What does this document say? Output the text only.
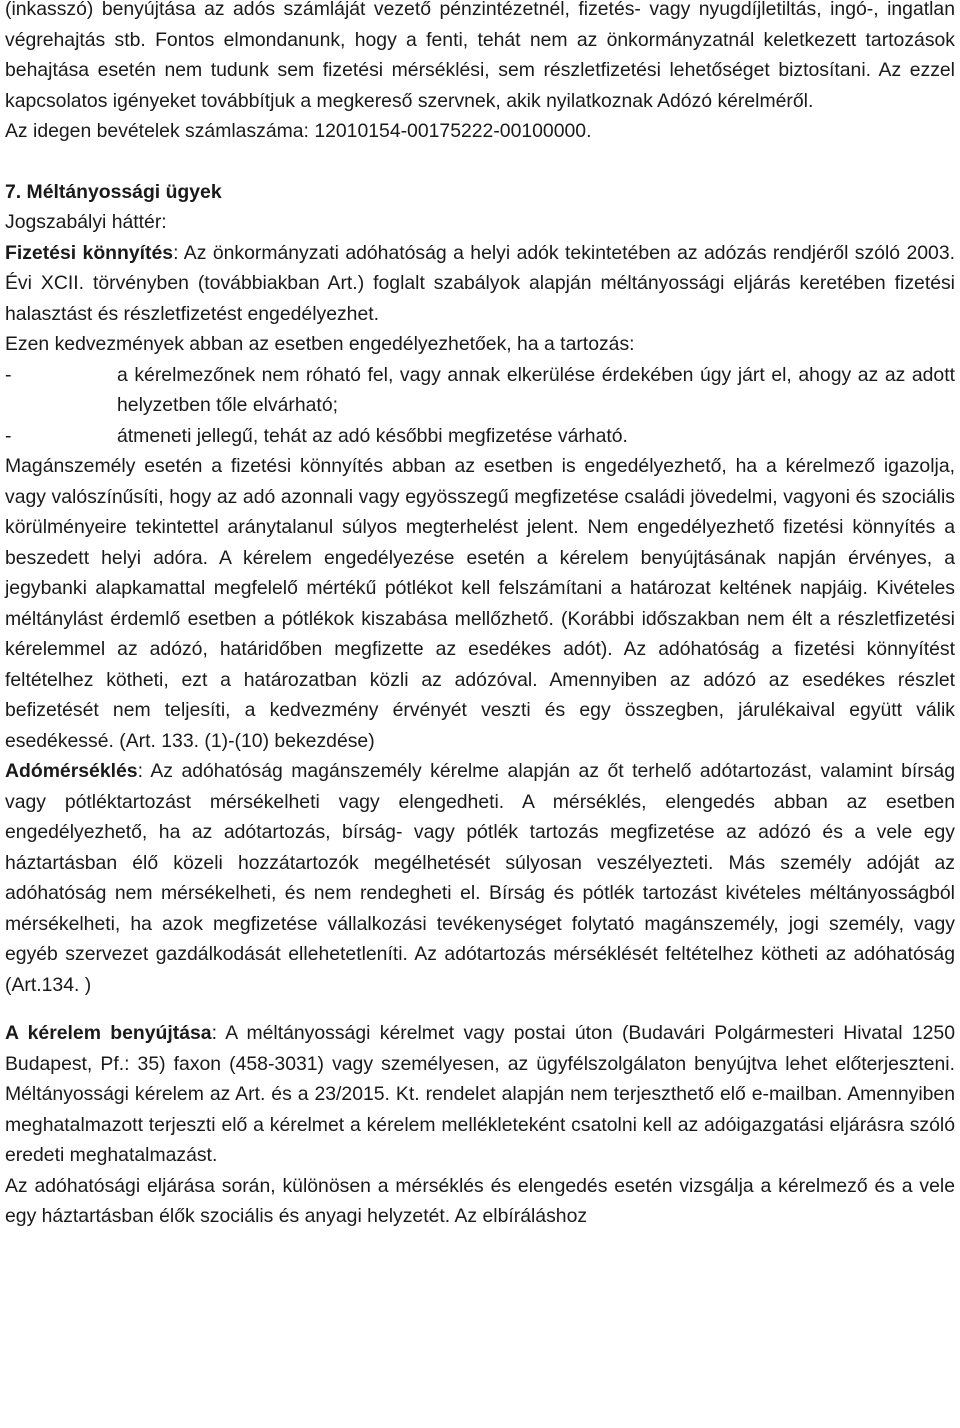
(inkasszó) benyújtása az adós számláját vezető pénzintézetnél, fizetés- vagy nyugdíjletiltás, ingó-, ingatlan végrehajtás stb. Fontos elmondanunk, hogy a fenti, tehát nem az önkormányzatnál keletkezett tartozások behajtása esetén nem tudunk sem fizetési mérséklési, sem részletfizetési lehetőséget biztosítani. Az ezzel kapcsolatos igényeket továbbítjuk a megkereső szervnek, akik nyilatkoznak Adózó kérelméről.

Az idegen bevételek számlaszáma: 12010154-00175222-00100000.

7. Méltányossági ügyek

Jogszabályi háttér:

Fizetési könnyítés: Az önkormányzati adóhatóság a helyi adók tekintetében az adózás rendjéről szóló 2003. Évi XCII. törvényben (továbbiakban Art.) foglalt szabályok alapján méltányossági eljárás keretében fizetési halasztást és részletfizetést engedélyezhet.

Ezen kedvezmények abban az esetben engedélyezhetőek, ha a tartozás:

-	a kérelmezőnek nem róható fel, vagy annak elkerülése érdekében úgy járt el, ahogy az az adott helyzetben tőle elvárható;
-	átmeneti jellegű, tehát az adó későbbi megfizetése várható.

Magánszemély esetén a fizetési könnyítés abban az esetben is engedélyezhető, ha a kérelmező igazolja, vagy valószínűsíti, hogy az adó azonnali vagy egyösszegű megfizetése családi jövedelmi, vagyoni és szociális körülményeire tekintettel aránytalanul súlyos megterhelést jelent. Nem engedélyezhető fizetési könnyítés a beszedett helyi adóra. A kérelem engedélyezése esetén a kérelem benyújtásának napján érvényes, a jegybanki alapkamattal megfelelő mértékű pótlékot kell felszámítani a határozat keltének napjáig. Kivételes méltánylást érdemlő esetben a pótlékok kiszabása mellőzhető. (Korábbi időszakban nem élt a részletfizetési kérelemmel az adózó, határidőben megfizette az esedékes adót). Az adóhatóság a fizetési könnyítést feltételhez kötheti, ezt a határozatban közli az adózóval. Amennyiben az adózó az esedékes részlet befizetését nem teljesíti, a kedvezmény érvényét veszti és egy összegben, járulékaival együtt válik esedékessé. (Art. 133. (1)-(10) bekezdése)

Adómérséklés: Az adóhatóság magánszemély kérelme alapján az őt terhelő adótartozást, valamint bírság vagy pótléktartozást mérsékelheti vagy elengedheti. A mérséklés, elengedés abban az esetben engedélyezhető, ha az adótartozás, bírság- vagy pótlék tartozás megfizetése az adózó és a vele egy háztartásban élő közeli hozzátartozók megélhetését súlyosan veszélyezteti. Más személy adóját az adóhatóság nem mérsékelheti, és nem rendegheti el. Bírság és pótlék tartozást kivételes méltányosságból mérsékelheti, ha azok megfizetése vállalkozási tevékenységet folytató magánszemély, jogi személy, vagy egyéb szervezet gazdálkodását ellehetetleníti. Az adótartozás mérséklését feltételhez kötheti az adóhatóság (Art.134. )

A kérelem benyújtása: A méltányossági kérelmet vagy postai úton (Budavári Polgármesteri Hivatal 1250 Budapest, Pf.: 35) faxon (458-3031) vagy személyesen, az ügyfélszolgálaton benyújtva lehet előterjeszteni. Méltányossági kérelem az Art. és a 23/2015. Kt. rendelet alapján nem terjeszthető elő e-mailban. Amennyiben meghatalmazott terjeszti elő a kérelmet a kérelem mellékleteként csatolni kell az adóigazgatási eljárásra szóló eredeti meghatalmazást.

Az adóhatósági eljárása során, különösen a mérséklés és elengedés esetén vizsgálja a kérelmező és a vele egy háztartásban élők szociális és anyagi helyzetét. Az elbíráláshoz
